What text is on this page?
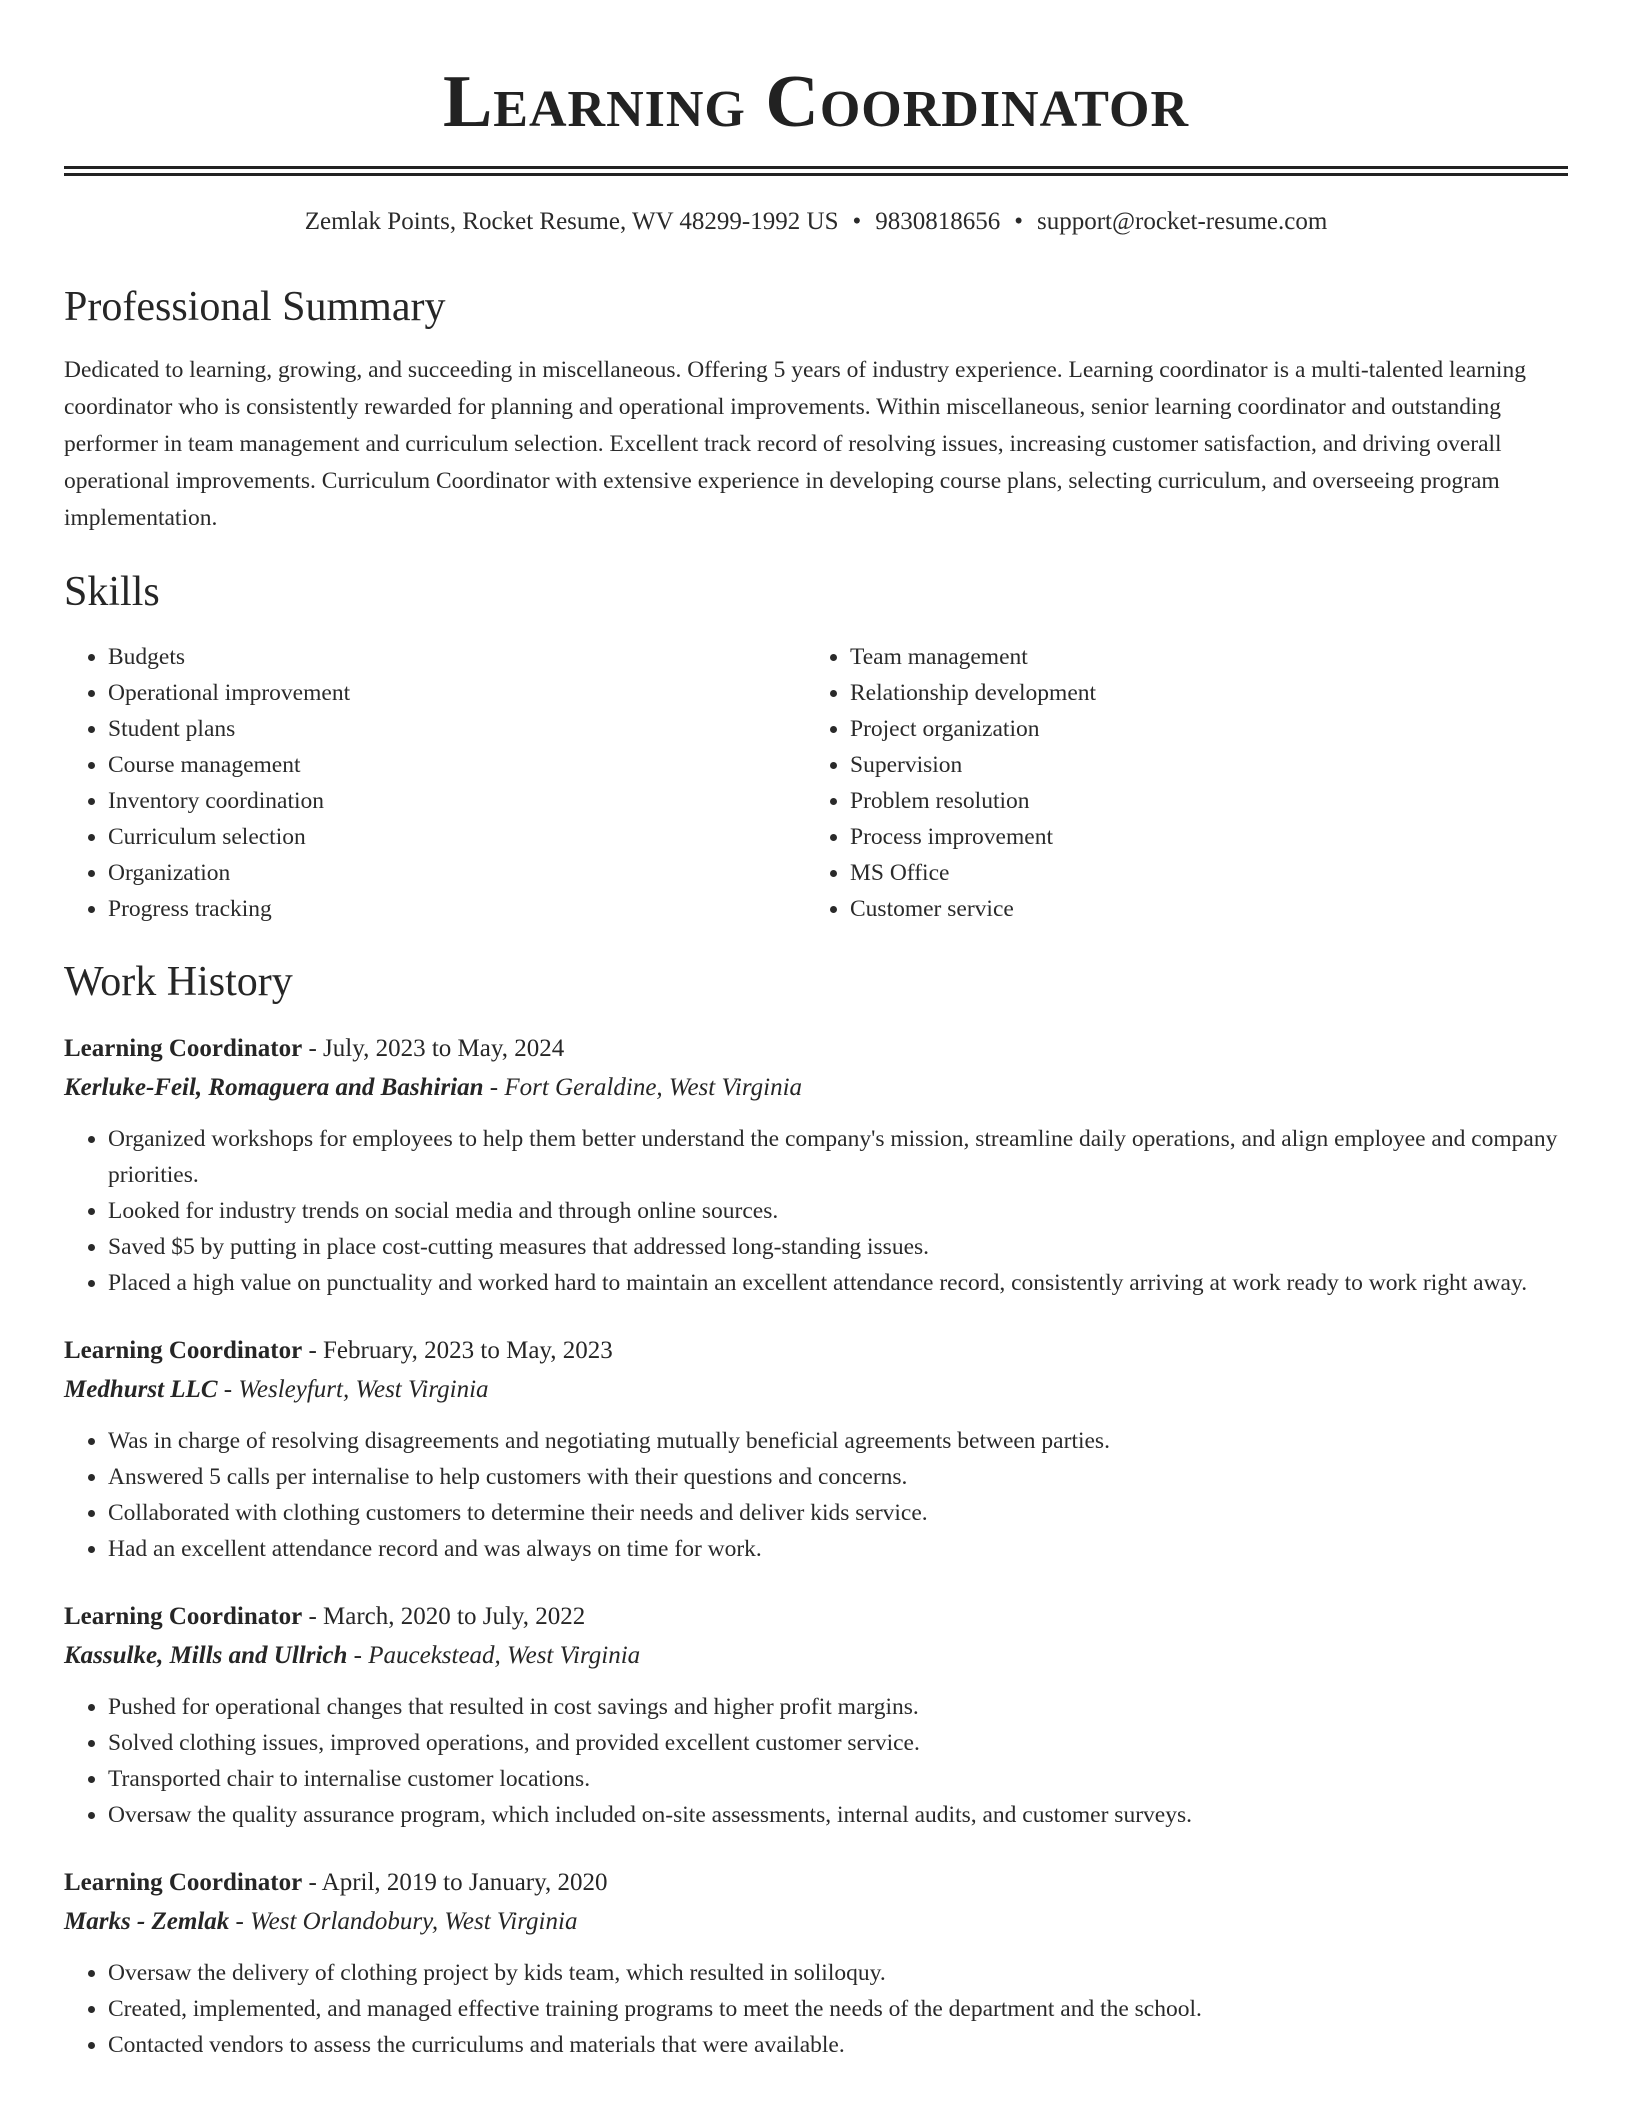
Learning Coordinator
Zemlak Points, Rocket Resume, WV 48299-1992 US • 9830818656 • support@rocket-resume.com
Professional Summary
Dedicated to learning, growing, and succeeding in miscellaneous. Offering 5 years of industry experience. Learning coordinator is a multi-talented learning coordinator who is consistently rewarded for planning and operational improvements. Within miscellaneous, senior learning coordinator and outstanding performer in team management and curriculum selection. Excellent track record of resolving issues, increasing customer satisfaction, and driving overall operational improvements. Curriculum Coordinator with extensive experience in developing course plans, selecting curriculum, and overseeing program implementation.
Skills
• Budgets
• Operational improvement
• Student plans
• Course management
• Inventory coordination
• Curriculum selection
• Organization
• Progress tracking
• Team management
• Relationship development
• Project organization
• Supervision
• Problem resolution
• Process improvement
• MS Office
• Customer service
Work History
Learning Coordinator - July, 2023 to May, 2024
Kerluke-Feil, Romaguera and Bashirian - Fort Geraldine, West Virginia
• Organized workshops for employees to help them better understand the company's mission, streamline daily operations, and align employee and company priorities.
• Looked for industry trends on social media and through online sources.
• Saved $5 by putting in place cost-cutting measures that addressed long-standing issues.
• Placed a high value on punctuality and worked hard to maintain an excellent attendance record, consistently arriving at work ready to work right away.
Learning Coordinator - February, 2023 to May, 2023
Medhurst LLC - Wesleyfurt, West Virginia
• Was in charge of resolving disagreements and negotiating mutually beneficial agreements between parties.
• Answered 5 calls per internalise to help customers with their questions and concerns.
• Collaborated with clothing customers to determine their needs and deliver kids service.
• Had an excellent attendance record and was always on time for work.
Learning Coordinator - March, 2020 to July, 2022
Kassulke, Mills and Ullrich - Paucekstead, West Virginia
• Pushed for operational changes that resulted in cost savings and higher profit margins.
• Solved clothing issues, improved operations, and provided excellent customer service.
• Transported chair to internalise customer locations.
• Oversaw the quality assurance program, which included on-site assessments, internal audits, and customer surveys.
Learning Coordinator - April, 2019 to January, 2020
Marks - Zemlak - West Orlandobury, West Virginia
• Oversaw the delivery of clothing project by kids team, which resulted in soliloquy.
• Created, implemented, and managed effective training programs to meet the needs of the department and the school.
• Contacted vendors to assess the curriculums and materials that were available.
